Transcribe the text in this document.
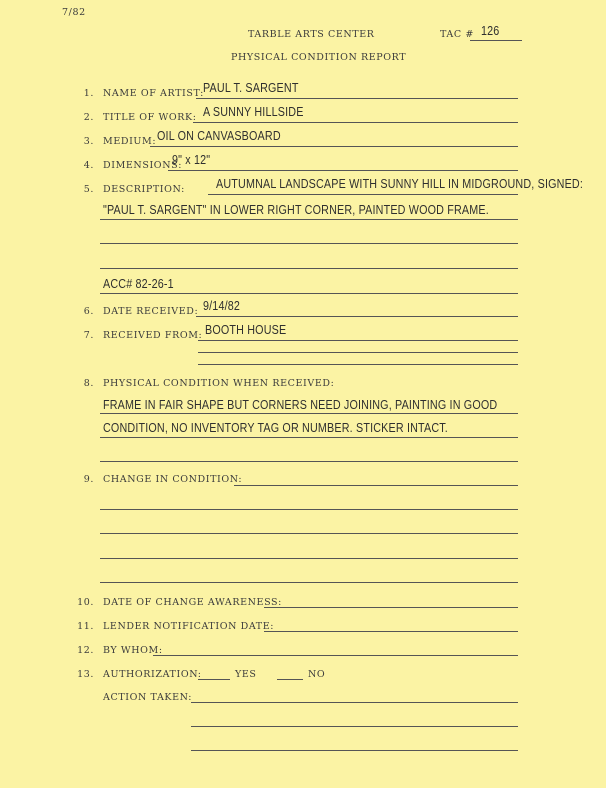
7/82
TARBLE ARTS CENTER	TAC # 126
PHYSICAL CONDITION REPORT
1. NAME OF ARTIST: PAUL T. SARGENT
2. TITLE OF WORK: A SUNNY HILLSIDE
3. MEDIUM: OIL ON CANVASBOARD
4. DIMENSIONS:
9" x 12"
5. DESCRIPTION: AUTUMNAL LANDSCAPE WITH SUNNY HILL IN MIDGROUND, SIGNED:
"PAUL T. SARGENT" IN LOWER RIGHT CORNER, PAINTED WOOD FRAME.
ACC# 82-26-1
6. DATE RECEIVED: 9/14/82
7. RECEIVED FROM: BOOTH HOUSE
8. PHYSICAL CONDITION WHEN RECEIVED:
FRAME IN FAIR SHAPE BUT CORNERS NEED JOINING, PAINTING IN GOOD
CONDITION, NO INVENTORY TAG OR NUMBER. STICKER INTACT.
9. CHANGE IN CONDITION:
10. DATE OF CHANGE AWARENESS:
11. LENDER NOTIFICATION DATE:
12. BY WHOM:
13. AUTHORIZATION:	YES	NO
ACTION TAKEN:
